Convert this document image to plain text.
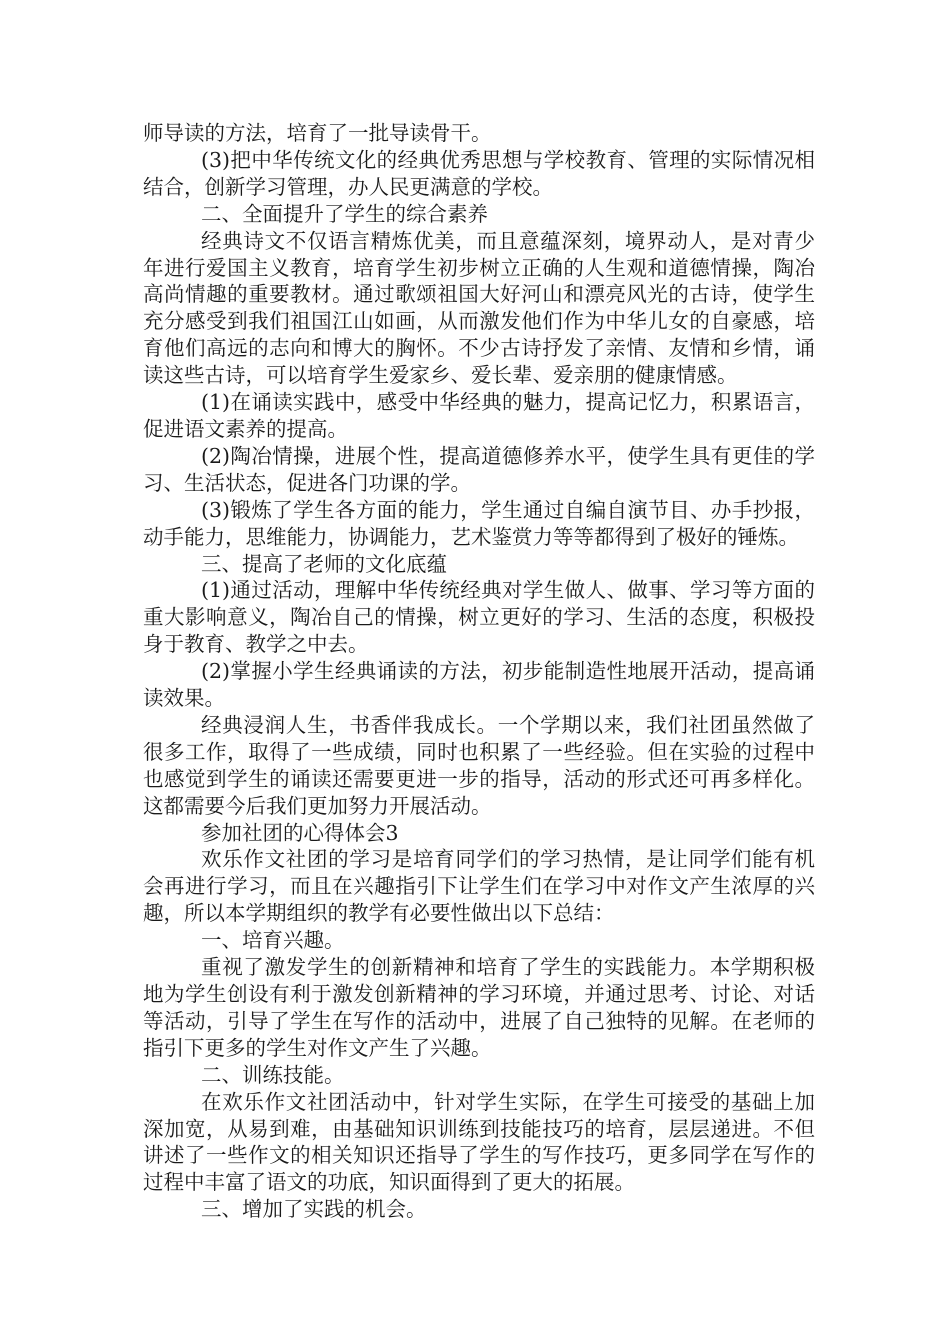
师导读的方法，培育了一批导读骨干。

(3)把中华传统文化的经典优秀思想与学校教育、管理的实际情况相结合，创新学习管理，办人民更满意的学校。

二、全面提升了学生的综合素养

经典诗文不仅语言精炼优美，而且意蕴深刻，境界动人，是对青少年进行爱国主义教育，培育学生初步树立正确的人生观和道德情操，陶冶高尚情趣的重要教材。通过歌颂祖国大好河山和漂亮风光的古诗，使学生充分感受到我们祖国江山如画，从而激发他们作为中华儿女的自豪感，培育他们高远的志向和博大的胸怀。不少古诗抒发了亲情、友情和乡情，诵读这些古诗，可以培育学生爱家乡、爱长辈、爱亲朋的健康情感。

(1)在诵读实践中，感受中华经典的魅力，提高记忆力，积累语言，促进语文素养的提高。

(2)陶冶情操，进展个性，提高道德修养水平，使学生具有更佳的学习、生活状态，促进各门功课的学。

(3)锻炼了学生各方面的能力，学生通过自编自演节目、办手抄报，动手能力，思维能力，协调能力，艺术鉴赏力等等都得到了极好的锤炼。

三、提高了老师的文化底蕴

(1)通过活动，理解中华传统经典对学生做人、做事、学习等方面的重大影响意义，陶冶自己的情操，树立更好的学习、生活的态度，积极投身于教育、教学之中去。

(2)掌握小学生经典诵读的方法，初步能制造性地展开活动，提高诵读效果。

经典浸润人生，书香伴我成长。一个学期以来，我们社团虽然做了很多工作，取得了一些成绩，同时也积累了一些经验。但在实验的过程中也感觉到学生的诵读还需要更进一步的指导，活动的形式还可再多样化。这都需要今后我们更加努力开展活动。

参加社团的心得体会3

欢乐作文社团的学习是培育同学们的学习热情，是让同学们能有机会再进行学习，而且在兴趣指引下让学生们在学习中对作文产生浓厚的兴趣，所以本学期组织的教学有必要性做出以下总结：

一、培育兴趣。

重视了激发学生的创新精神和培育了学生的实践能力。本学期积极地为学生创设有利于激发创新精神的学习环境，并通过思考、讨论、对话等活动，引导了学生在写作的活动中，进展了自己独特的见解。在老师的指引下更多的学生对作文产生了兴趣。

二、训练技能。

在欢乐作文社团活动中，针对学生实际，在学生可接受的基础上加深加宽，从易到难，由基础知识训练到技能技巧的培育，层层递进。不但讲述了一些作文的相关知识还指导了学生的写作技巧，更多同学在写作的过程中丰富了语文的功底，知识面得到了更大的拓展。

三、增加了实践的机会。
